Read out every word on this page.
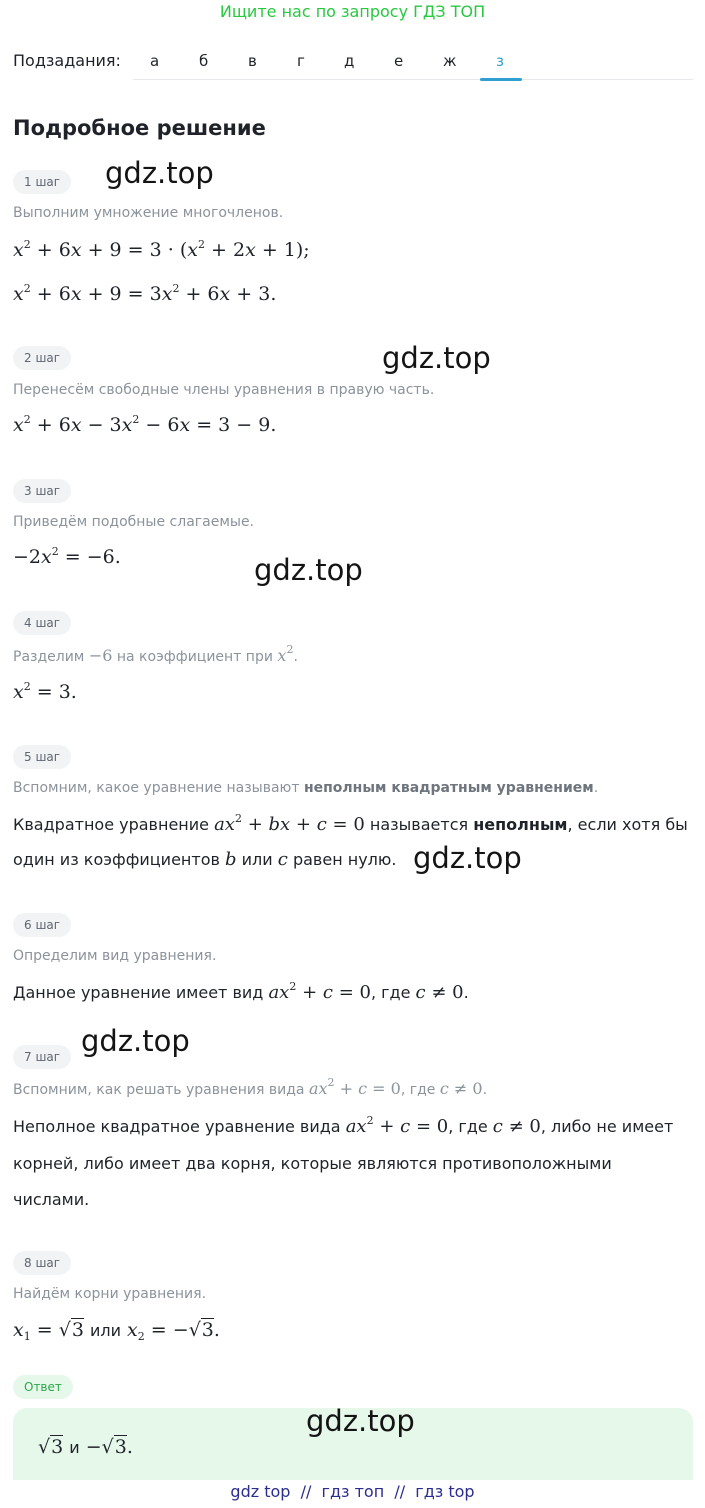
Ищите нас по запросу ГДЗ ТОП
Подзадания: а	б	в	г	д	е	ж	з
Подробное решение
1 шаг	gdz.top
Выполним умножение многочленов.
$x^2 + 6x + 9 = 3 \cdot (x^2 + 2x + 1)$;
$x^2 + 6x + 9 = 3x^2 + 6x + 3$.
2 шаг	gdz.top
Перенесём свободные члены уравнения в правую часть.
$x^2 + 6x - 3x^2 - 6x = 3 - 9$.
3 шаг
Приведём подобные слагаемые.
$-2x^2 = -6$.	gdz.top
4 шаг
Разделим −6 на коэффициент при $x^2$.
$x^2 = 3$.
5 шаг
Вспомним, какое уравнение называют неполным квадратным уравнением.
Квадратное уравнение $ax^2$ + bx + c = 0 называется неполным, если хотя бы
один из коэффициентов b или c равен нулю. gdz.top
6 шаг
Определим вид уравнения.
Данное уравнение имеет вид $ax^2 + c = 0$, где c ≠ 0.
gdz.top
7 шаг
Вспомним, как решать уравнения вида $ax^2 + c = 0$, где c ≠ 0.
Неполное квадратное уравнение вида $ax^2 + c = 0$, где c ≠ 0, либо не имеет
корней, либо имеет два корня, которые являются противоположными
числами.
8 шаг
Найдём корни уравнения.
$x_1 = √3$ или $x_2 = -√3$.
Ответ
gdz.top
√3 и −√3.
gdz top  //  гдз топ  //  гдз top
